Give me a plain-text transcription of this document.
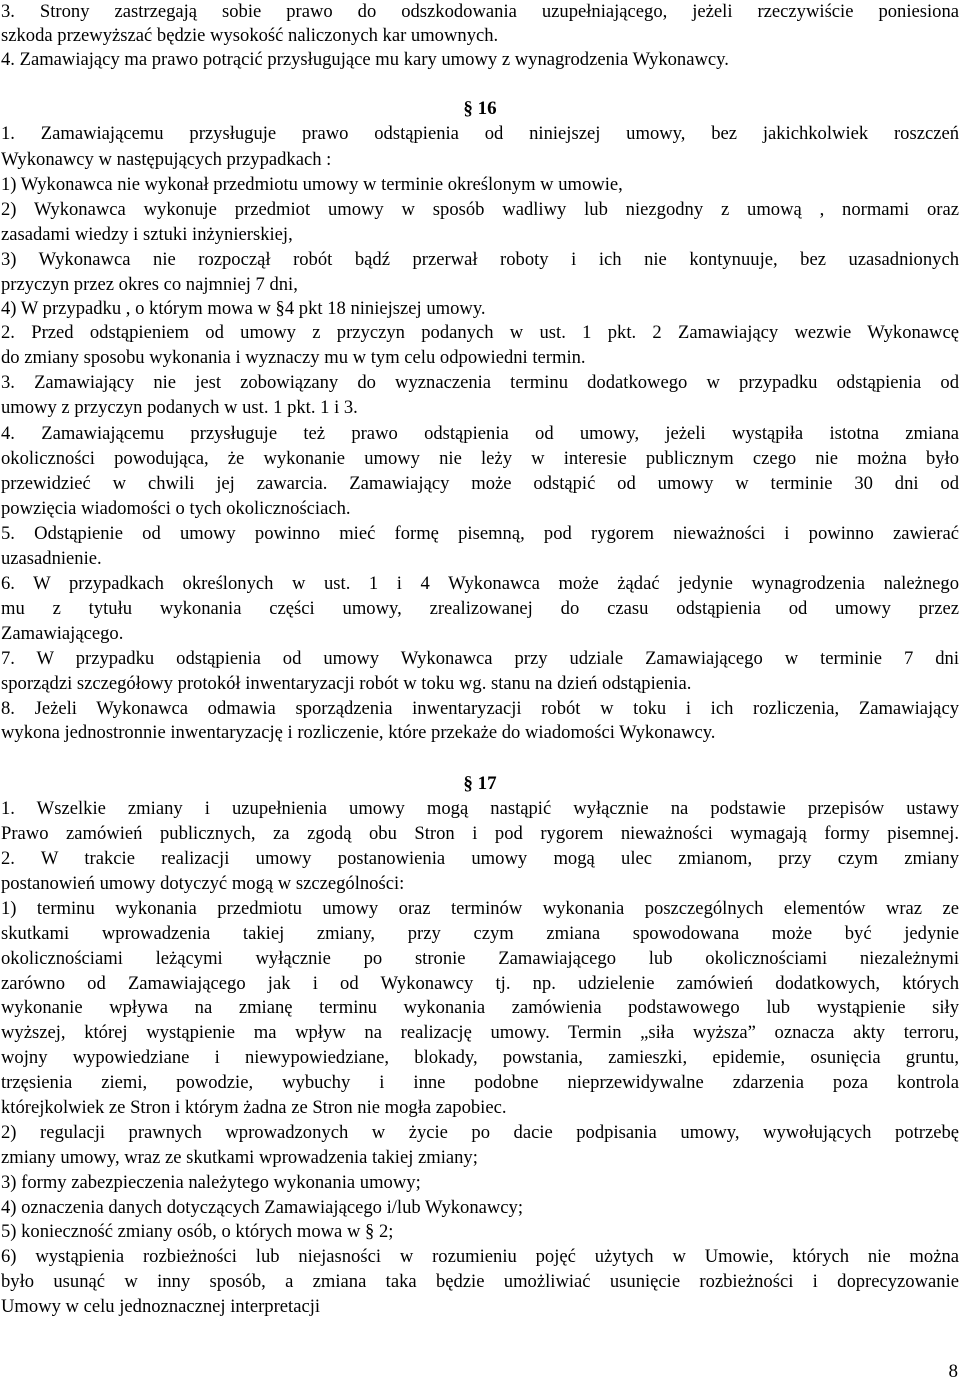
3. Strony zastrzegają sobie prawo do odszkodowania uzupełniającego, jeżeli rzeczywiście poniesiona
szkoda przewyższać będzie wysokość naliczonych kar umownych.
4. Zamawiający ma prawo potrącić przysługujące mu kary umowy z wynagrodzenia Wykonawcy.
§ 16
1. Zamawiającemu przysługuje prawo odstąpienia od niniejszej umowy, bez jakichkolwiek roszczeń
Wykonawcy w następujących przypadkach :
1) Wykonawca nie wykonał przedmiotu umowy w terminie określonym w umowie,
2) Wykonawca wykonuje przedmiot umowy w sposób wadliwy lub niezgodny z umową , normami oraz
zasadami wiedzy i sztuki inżynierskiej,
3) Wykonawca nie rozpoczął robót bądź przerwał roboty i ich nie kontynuuje, bez uzasadnionych
przyczyn przez okres co najmniej 7 dni,
4) W przypadku , o którym mowa w §4 pkt 18 niniejszej umowy.
2. Przed odstąpieniem od umowy z przyczyn podanych w ust. 1 pkt. 2 Zamawiający wezwie Wykonawcę
do zmiany sposobu wykonania i wyznaczy mu w tym celu odpowiedni termin.
3. Zamawiający nie jest zobowiązany do wyznaczenia terminu dodatkowego w przypadku odstąpienia od
umowy z przyczyn podanych w ust. 1 pkt. 1 i 3.
4. Zamawiającemu przysługuje też prawo odstąpienia od umowy, jeżeli wystąpiła istotna zmiana
okoliczności powodująca, że wykonanie umowy nie leży w interesie publicznym czego nie można było
przewidzieć w chwili jej zawarcia. Zamawiający może odstąpić od umowy w terminie 30 dni od
powzięcia wiadomości o tych okolicznościach.
5. Odstąpienie od umowy powinno mieć formę pisemną, pod rygorem nieważności i powinno zawierać
uzasadnienie.
6. W przypadkach określonych w ust. 1 i 4 Wykonawca może żądać jedynie wynagrodzenia należnego
mu z tytułu wykonania części umowy, zrealizowanej do czasu odstąpienia od umowy przez
Zamawiającego.
7. W przypadku odstąpienia od umowy Wykonawca przy udziale Zamawiającego w terminie 7 dni
sporządzi szczegółowy protokół inwentaryzacji robót w toku wg. stanu na dzień odstąpienia.
8. Jeżeli Wykonawca odmawia sporządzenia inwentaryzacji robót w toku i ich rozliczenia, Zamawiający
wykona jednostronnie inwentaryzację i rozliczenie, które przekaże do wiadomości Wykonawcy.
§ 17
1. Wszelkie zmiany i uzupełnienia umowy mogą nastąpić wyłącznie na podstawie przepisów ustawy
Prawo zamówień publicznych, za zgodą obu Stron i pod rygorem nieważności wymagają formy pisemnej.
2. W trakcie realizacji umowy postanowienia umowy mogą ulec zmianom, przy czym zmiany
postanowień umowy dotyczyć mogą w szczególności:
1) terminu wykonania przedmiotu umowy oraz terminów wykonania poszczególnych elementów wraz ze
skutkami wprowadzenia takiej zmiany, przy czym zmiana spowodowana może być jedynie
okolicznościami leżącymi wyłącznie po stronie Zamawiającego lub okolicznościami niezależnymi
zarówno od Zamawiającego jak i od Wykonawcy tj. np. udzielenie zamówień dodatkowych, których
wykonanie wpływa na zmianę terminu wykonania zamówienia podstawowego lub wystąpienie siły
wyższej, której wystąpienie ma wpływ na realizację umowy. Termin „siła wyższa” oznacza akty terroru,
wojny wypowiedziane i niewypowiedziane, blokady, powstania, zamieszki, epidemie, osunięcia gruntu,
trzęsienia ziemi, powodzie, wybuchy i inne podobne nieprzewidywalne zdarzenia poza kontrola
którejkolwiek ze Stron i którym żadna ze Stron nie mogła zapobiec.
2) regulacji prawnych wprowadzonych w życie po dacie podpisania umowy, wywołujących potrzebę
zmiany umowy, wraz ze skutkami wprowadzenia takiej zmiany;
3) formy zabezpieczenia należytego wykonania umowy;
4) oznaczenia danych dotyczących Zamawiającego i/lub Wykonawcy;
5) konieczność zmiany osób, o których mowa w § 2;
6) wystąpienia rozbieżności lub niejasności w rozumieniu pojęć użytych w Umowie, których nie można
było usunąć w inny sposób, a zmiana taka będzie umożliwiać usunięcie rozbieżności i doprecyzowanie
Umowy w celu jednoznacznej interpretacji
8
